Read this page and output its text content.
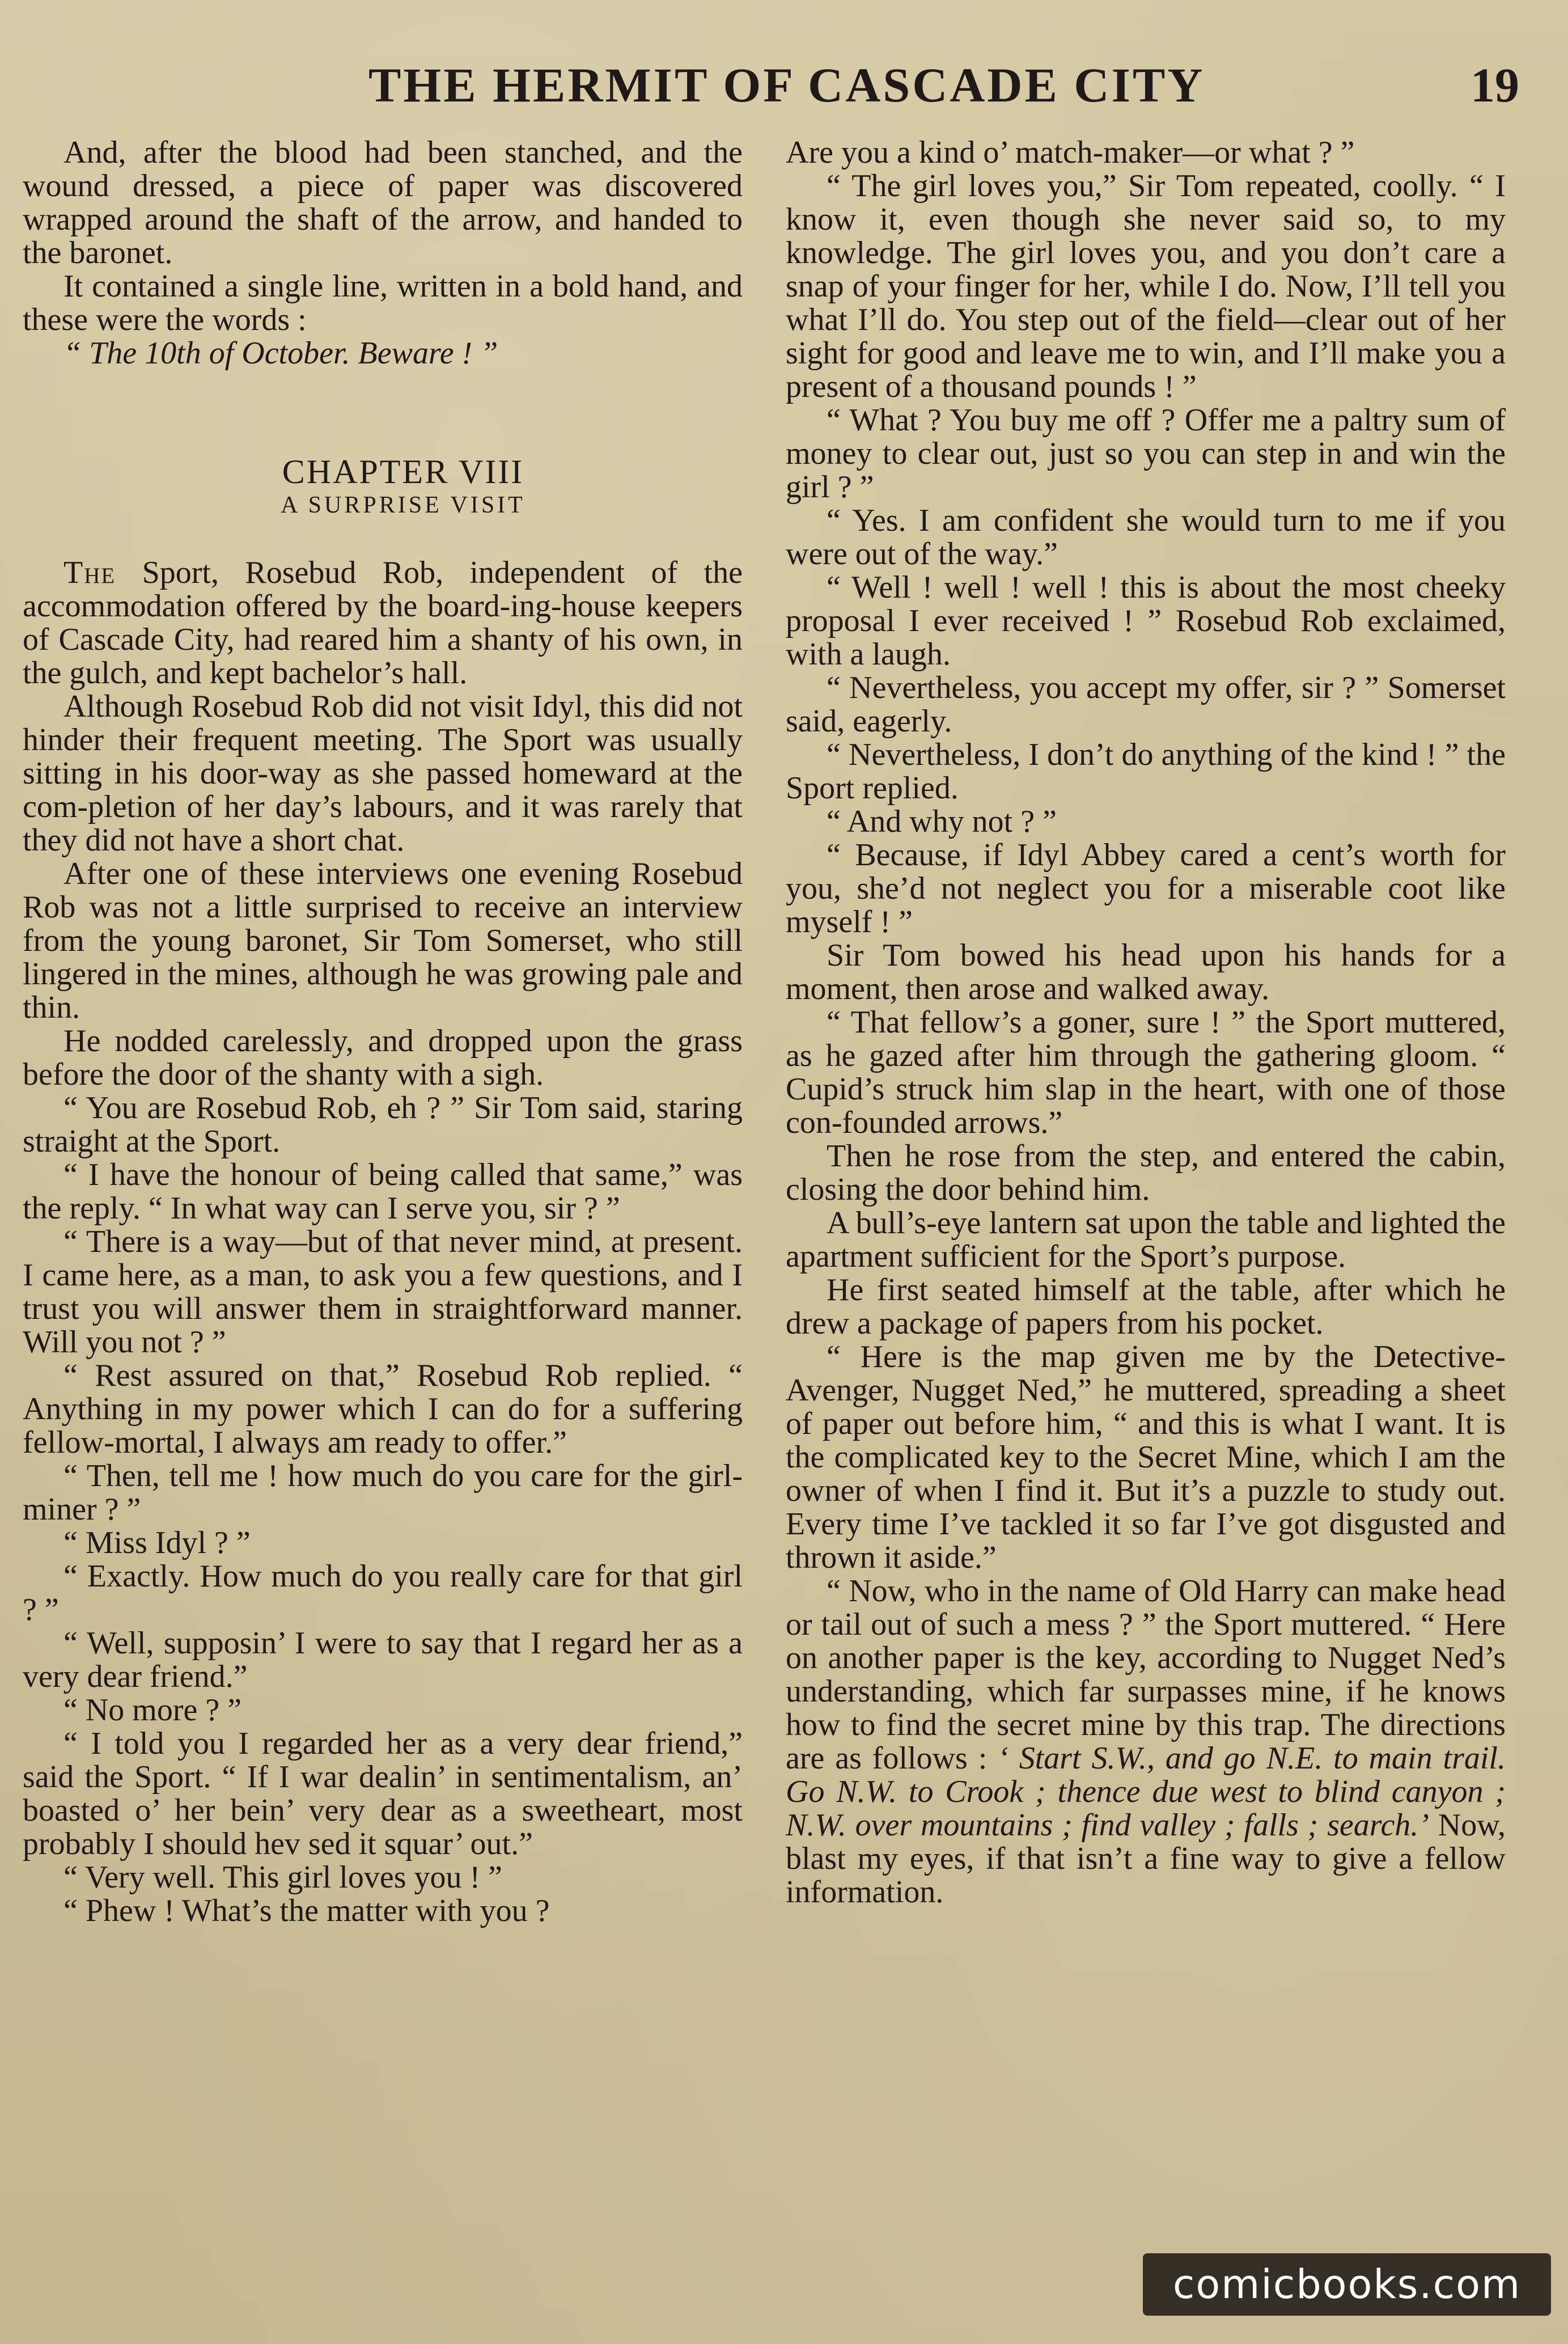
THE HERMIT OF CASCADE CITY	19

And, after the blood had been stanched, and the wound dressed, a piece of paper was discovered wrapped around the shaft of the arrow, and handed to the baronet.

It contained a single line, written in a bold hand, and these were the words :

“ The 10th of October. Beware ! ”

CHAPTER VIII

A SURPRISE VISIT

The Sport, Rosebud Rob, independent of the accommodation offered by the board-ing-house keepers of Cascade City, had reared him a shanty of his own, in the gulch, and kept bachelor’s hall.

Although Rosebud Rob did not visit Idyl, this did not hinder their frequent meeting. The Sport was usually sitting in his door-way as she passed homeward at the com-pletion of her day’s labours, and it was rarely that they did not have a short chat.

After one of these interviews one evening Rosebud Rob was not a little surprised to receive an interview from the young baronet, Sir Tom Somerset, who still lingered in the mines, although he was growing pale and thin.

He nodded carelessly, and dropped upon the grass before the door of the shanty with a sigh.

“ You are Rosebud Rob, eh ? ” Sir Tom said, staring straight at the Sport.

“ I have the honour of being called that same,” was the reply. “ In what way can I serve you, sir ? ”

“ There is a way—but of that never mind, at present. I came here, as a man, to ask you a few questions, and I trust you will answer them in straightforward manner. Will you not ? ”

“ Rest assured on that,” Rosebud Rob replied. “ Anything in my power which I can do for a suffering fellow-mortal, I always am ready to offer.”

“ Then, tell me ! how much do you care for the girl-miner ? ”

“ Miss Idyl ? ”

“ Exactly. How much do you really care for that girl ? ”

“ Well, supposin’ I were to say that I regard her as a very dear friend.”

“ No more ? ”

“ I told you I regarded her as a very dear friend,” said the Sport. “ If I war dealin’ in sentimentalism, an’ boasted o’ her bein’ very dear as a sweetheart, most probably I should hev sed it squar’ out.”

“ Very well. This girl loves you ! ”

“ Phew ! What’s the matter with you ?

Are you a kind o’ match-maker—or what ? ”

“ The girl loves you,” Sir Tom repeated, coolly. “ I know it, even though she never said so, to my knowledge. The girl loves you, and you don’t care a snap of your finger for her, while I do. Now, I’ll tell you what I’ll do. You step out of the field—clear out of her sight for good and leave me to win, and I’ll make you a present of a thousand pounds ! ”

“ What ? You buy me off ? Offer me a paltry sum of money to clear out, just so you can step in and win the girl ? ”

“ Yes. I am confident she would turn to me if you were out of the way.”

“ Well ! well ! well ! this is about the most cheeky proposal I ever received ! ” Rosebud Rob exclaimed, with a laugh.

“ Nevertheless, you accept my offer, sir ? ” Somerset said, eagerly.

“ Nevertheless, I don’t do anything of the kind ! ” the Sport replied.

“ And why not ? ”

“ Because, if Idyl Abbey cared a cent’s worth for you, she’d not neglect you for a miserable coot like myself ! ”

Sir Tom bowed his head upon his hands for a moment, then arose and walked away.

“ That fellow’s a goner, sure ! ” the Sport muttered, as he gazed after him through the gathering gloom. “ Cupid’s struck him slap in the heart, with one of those con-founded arrows.”

Then he rose from the step, and entered the cabin, closing the door behind him.

A bull’s-eye lantern sat upon the table and lighted the apartment sufficient for the Sport’s purpose.

He first seated himself at the table, after which he drew a package of papers from his pocket.

“ Here is the map given me by the Detective-Avenger, Nugget Ned,” he muttered, spreading a sheet of paper out before him, “ and this is what I want. It is the complicated key to the Secret Mine, which I am the owner of when I find it. But it’s a puzzle to study out. Every time I’ve tackled it so far I’ve got disgusted and thrown it aside.”

“ Now, who in the name of Old Harry can make head or tail out of such a mess ? ” the Sport muttered. “ Here on another paper is the key, according to Nugget Ned’s understanding, which far surpasses mine, if he knows how to find the secret mine by this trap. The directions are as follows : ‘ Start S.W., and go N.E. to main trail. Go N.W. to Crook ; thence due west to blind canyon ; N.W. over mountains ; find valley ; falls ; search.’ Now, blast my eyes, if that isn’t a fine way to give a fellow information.

comicbooks.com
